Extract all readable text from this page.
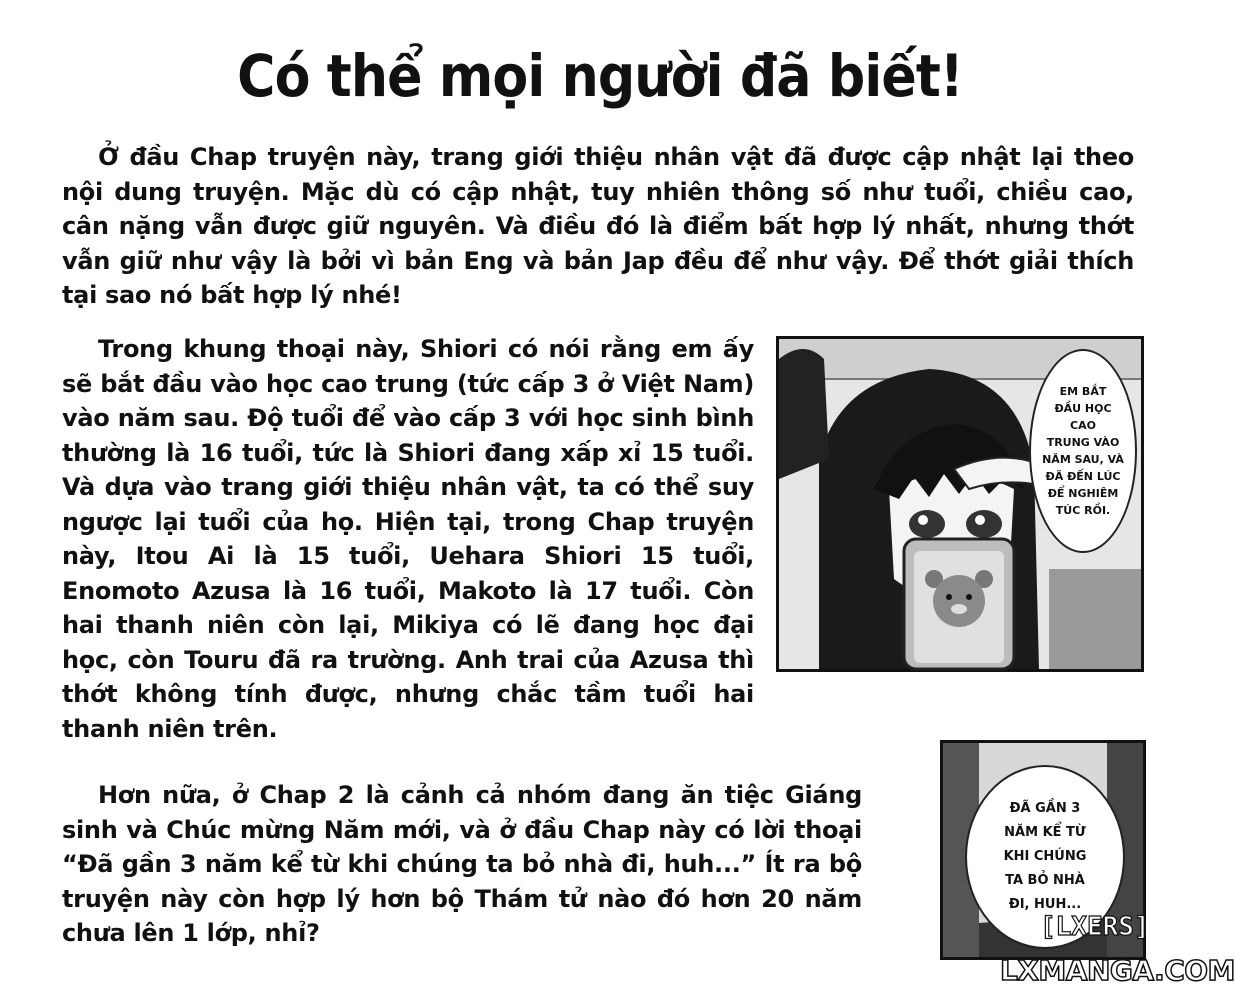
Có thể mọi người đã biết!
Ở đầu Chap truyện này, trang giới thiệu nhân vật đã được cập nhật lại theo nội dung truyện. Mặc dù có cập nhật, tuy nhiên thông số như tuổi, chiều cao, cân nặng vẫn được giữ nguyên. Và điều đó là điểm bất hợp lý nhất, nhưng thớt vẫn giữ như vậy là bởi vì bản Eng và bản Jap đều để như vậy. Để thớt giải thích tại sao nó bất hợp lý nhé!
Trong khung thoại này, Shiori có nói rằng em ấy sẽ bắt đầu vào học cao trung (tức cấp 3 ở Việt Nam) vào năm sau. Độ tuổi để vào cấp 3 với học sinh bình thường là 16 tuổi, tức là Shiori đang xấp xỉ 15 tuổi. Và dựa vào trang giới thiệu nhân vật, ta có thể suy ngược lại tuổi của họ. Hiện tại, trong Chap truyện này, Itou Ai là 15 tuổi, Uehara Shiori 15 tuổi, Enomoto Azusa là 16 tuổi, Makoto là 17 tuổi. Còn hai thanh niên còn lại, Mikiya có lẽ đang học đại học, còn Touru đã ra trường. Anh trai của Azusa thì thớt không tính được, nhưng chắc tầm tuổi hai thanh niên trên.
EM BẮT
ĐẦU HỌC CAO
TRUNG VÀO
NĂM SAU, VÀ
ĐÃ ĐẾN LÚC
ĐỂ NGHIÊM
TÚC RỒI.
Hơn nữa, ở Chap 2 là cảnh cả nhóm đang ăn tiệc Giáng sinh và Chúc mừng Năm mới, và ở đầu Chap này có lời thoại “Đã gần 3 năm kể từ khi chúng ta bỏ nhà đi, huh...” Ít ra bộ truyện này còn hợp lý hơn bộ Thám tử nào đó hơn 20 năm chưa lên 1 lớp, nhỉ?
ĐÃ GẦN 3
NĂM KỂ TỪ
KHI CHÚNG
TA BỎ NHÀ
ĐI, HUH...
[LXERS]
LXMANGA.COM
